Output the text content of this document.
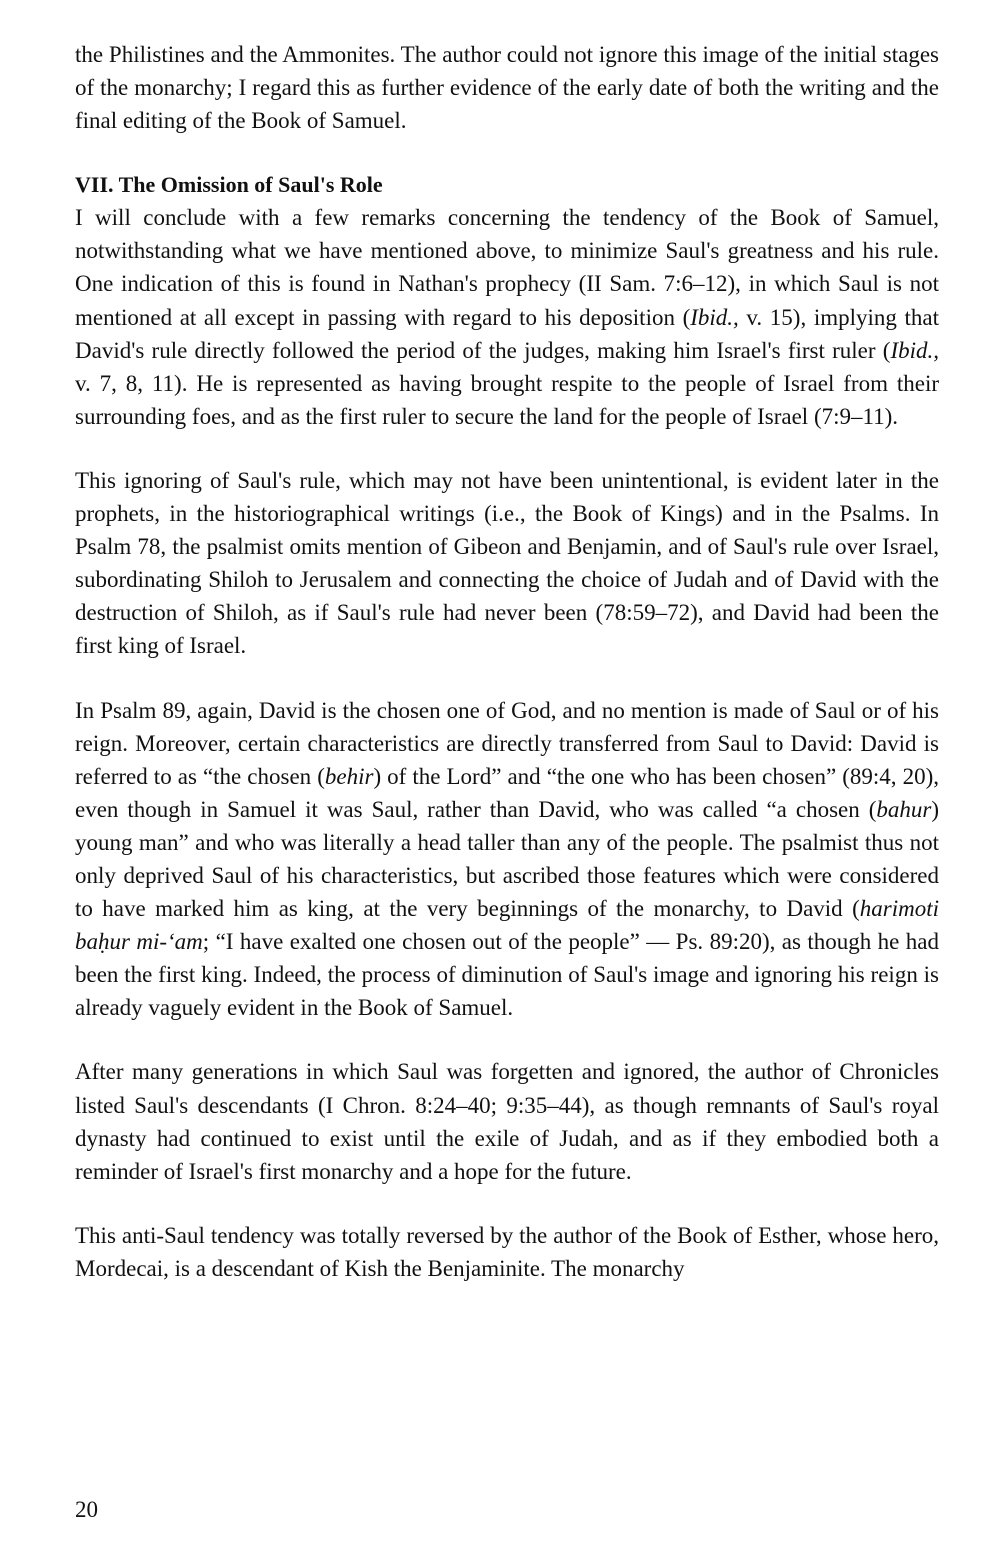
the Philistines and the Ammonites. The author could not ignore this image of the initial stages of the monarchy; I regard this as further evidence of the early date of both the writing and the final editing of the Book of Samuel.

VII. The Omission of Saul's Role

I will conclude with a few remarks concerning the tendency of the Book of Samuel, notwithstanding what we have mentioned above, to minimize Saul's greatness and his rule. One indication of this is found in Nathan's prophecy (II Sam. 7:6–12), in which Saul is not mentioned at all except in passing with regard to his deposition (Ibid., v. 15), implying that David's rule directly followed the period of the judges, making him Israel's first ruler (Ibid., v. 7, 8, 11). He is represented as having brought respite to the people of Israel from their surrounding foes, and as the first ruler to secure the land for the people of Israel (7:9–11).

This ignoring of Saul's rule, which may not have been unintentional, is evident later in the prophets, in the historiographical writings (i.e., the Book of Kings) and in the Psalms. In Psalm 78, the psalmist omits mention of Gibeon and Benjamin, and of Saul's rule over Israel, subordinating Shiloh to Jerusalem and connecting the choice of Judah and of David with the destruction of Shiloh, as if Saul's rule had never been (78:59–72), and David had been the first king of Israel.

In Psalm 89, again, David is the chosen one of God, and no mention is made of Saul or of his reign. Moreover, certain characteristics are directly transferred from Saul to David: David is referred to as “the chosen (behir) of the Lord” and “the one who has been chosen” (89:4, 20), even though in Samuel it was Saul, rather than David, who was called “a chosen (bahur) young man” and who was literally a head taller than any of the people. The psalmist thus not only deprived Saul of his characteristics, but ascribed those features which were considered to have marked him as king, at the very beginnings of the monarchy, to David (harimoti baḥur mi-‘am; “I have exalted one chosen out of the people” — Ps. 89:20), as though he had been the first king. Indeed, the process of diminution of Saul's image and ignoring his reign is already vaguely evident in the Book of Samuel.

After many generations in which Saul was forgetten and ignored, the author of Chronicles listed Saul's descendants (I Chron. 8:24–40; 9:35–44), as though remnants of Saul's royal dynasty had continued to exist until the exile of Judah, and as if they embodied both a reminder of Israel's first monarchy and a hope for the future.

This anti-Saul tendency was totally reversed by the author of the Book of Esther, whose hero, Mordecai, is a descendant of Kish the Benjaminite. The monarchy

20
